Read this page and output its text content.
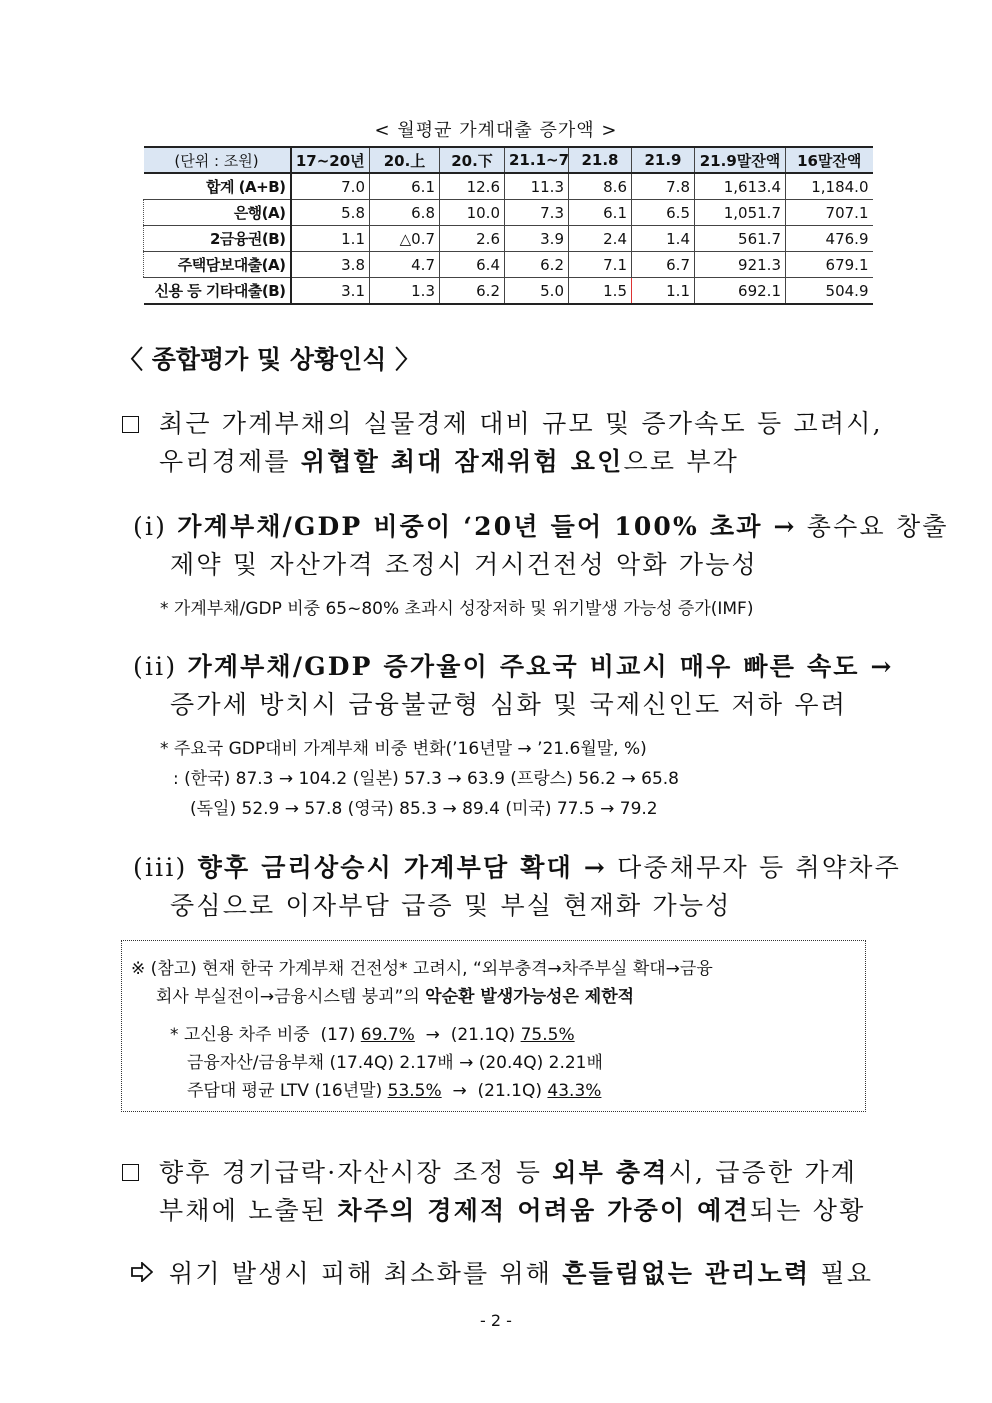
< 월평균 가계대출 증가액 >
(단위 : 조원)	17~20년	20.上	20.下	21.1~7	21.8	21.9	21.9말잔액	16말잔액
합계 (A+B)	7.0	6.1	12.6	11.3	8.6	7.8	1,613.4	1,184.0
은행(A)	5.8	6.8	10.0	7.3	6.1	6.5	1,051.7	707.1
2금융권(B)	1.1	△0.7	2.6	3.9	2.4	1.4	561.7	476.9
주택담보대출(A)	3.8	4.7	6.4	6.2	7.1	6.7	921.3	679.1
신용 등 기타대출(B)	3.1	1.3	6.2	5.0	1.5	1.1	692.1	504.9
〈 종합평가 및 상황인식 〉
최근 가계부채의 실물경제 대비 규모 및 증가속도 등 고려시,
우리경제를 위협할 최대 잠재위험 요인으로 부각
(i) 가계부채/GDP 비중이 ‘20년 들어 100% 초과 → 총수요 창출
제약 및 자산가격 조정시 거시건전성 악화 가능성
* 가계부채/GDP 비중 65~80% 초과시 성장저하 및 위기발생 가능성 증가(IMF)
(ii) 가계부채/GDP 증가율이 주요국 비교시 매우 빠른 속도 →
증가세 방치시 금융불균형 심화 및 국제신인도 저하 우려
* 주요국 GDP대비 가계부채 비중 변화(’16년말 → ’21.6월말, %)
: (한국) 87.3 → 104.2 (일본) 57.3 → 63.9 (프랑스) 56.2 → 65.8
(독일) 52.9 → 57.8 (영국) 85.3 → 89.4 (미국) 77.5 → 79.2
(iii) 향후 금리상승시 가계부담 확대 → 다중채무자 등 취약차주
중심으로 이자부담 급증 및 부실 현재화 가능성
※ (참고) 현재 한국 가계부채 건전성* 고려시, “외부충격→차주부실 확대→금융
회사 부실전이→금융시스템 붕괴”의 악순환 발생가능성은 제한적
* 고신용 차주 비중 (17) 69.7% → (21.1Q) 75.5%
금융자산/금융부채 (17.4Q) 2.17배 → (20.4Q) 2.21배
주담대 평균 LTV (16년말) 53.5% → (21.1Q) 43.3%
향후 경기급락·자산시장 조정 등 외부 충격시, 급증한 가계
부채에 노출된 차주의 경제적 어려움 가중이 예견되는 상황
위기 발생시 피해 최소화를 위해 흔들림없는 관리노력 필요
- 2 -
